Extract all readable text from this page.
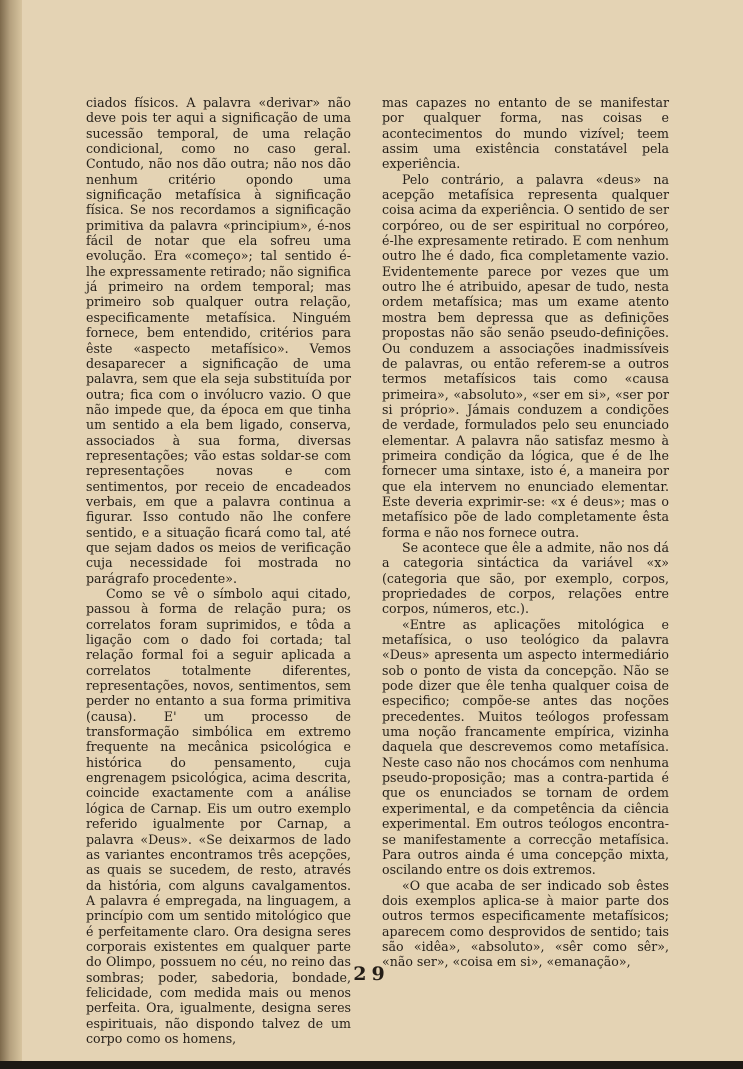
ciados físicos. A palavra «derivar» não deve pois ter aqui a significação de uma sucessão temporal, de uma relação condicional, como no caso geral. Contudo, não nos dão outra; não nos dão nenhum critério opondo uma significação metafísica à significação física. Se nos recordamos a significação primitiva da palavra «principium», é-nos fácil de notar que ela sofreu uma evolução. Era «começo»; tal sentido é-lhe expressamente retirado; não significa já primeiro na ordem temporal; mas primeiro sob qualquer outra relação, especificamente metafísica. Ninguém fornece, bem entendido, critérios para êste «aspecto metafísico». Vemos desaparecer a significação de uma palavra, sem que ela seja substituída por outra; fica com o invólucro vazio. O que não impede que, da época em que tinha um sentido a ela bem ligado, conserva, associados à sua forma, diversas representações; vão estas soldar-se com representações novas e com sentimentos, por receio de encadeados verbais, em que a palavra continua a figurar. Isso contudo não lhe confere sentido, e a situação ficará como tal, até que sejam dados os meios de verificação cuja necessidade foi mostrada no parágrafo procedente».

Como se vê o símbolo aqui citado, passou à forma de relação pura; os correlatos foram suprimidos, e tôda a ligação com o dado foi cortada; tal relação formal foi a seguir aplicada a correlatos totalmente diferentes, representações, novos, sentimentos, sem perder no entanto a sua forma primitiva (causa). E' um processo de transformação simbólica em extremo frequente na mecânica psicológica e histórica do pensamento, cuja engrenagem psicológica, acima descrita, coincide exactamente com a análise lógica de Carnap. Eis um outro exemplo referido igualmente por Carnap, a palavra «Deus». «Se deixarmos de lado as variantes encontramos três acepções, as quais se sucedem, de resto, através da história, com alguns cavalgamentos. A palavra é empregada, na linguagem, a princípio com um sentido mitológico que é perfeitamente claro. Ora designa seres corporais existentes em qualquer parte do Olimpo, possuem no céu, no reino das sombras; poder, sabedoria, bondade, felicidade, com medida mais ou menos perfeita. Ora, igualmente, designa seres espirituais, não dispondo talvez de um corpo como os homens,

mas capazes no entanto de se manifestar por qualquer forma, nas coisas e acontecimentos do mundo vizível; teem assim uma existência constatável pela experiência.

Pelo contrário, a palavra «deus» na acepção metafísica representa qualquer coisa acima da experiência. O sentido de ser corpóreo, ou de ser espiritual no corpóreo, é-lhe expresamente retirado. E com nenhum outro lhe é dado, fica completamente vazio. Evidentemente parece por vezes que um outro lhe é atribuido, apesar de tudo, nesta ordem metafísica; mas um exame atento mostra bem depressa que as definições propostas não são senão pseudo-definições. Ou conduzem a associações inadmissíveis de palavras, ou então referem-se a outros termos metafísicos tais como «causa primeira», «absoluto», «ser em si», «ser por si próprio». Jámais conduzem a condições de verdade, formulados pelo seu enunciado elementar. A palavra não satisfaz mesmo à primeira condição da lógica, que é de lhe fornecer uma sintaxe, isto é, a maneira por que ela intervem no enunciado elementar. Este deveria exprimir-se: «x é deus»; mas o metafísico põe de lado completamente êsta forma e não nos fornece outra.

Se acontece que êle a admite, não nos dá a categoria sintáctica da variável «x» (categoria que são, por exemplo, corpos, propriedades de corpos, relações entre corpos, números, etc.).

«Entre as aplicações mitológica e metafísica, o uso teológico da palavra «Deus» apresenta um aspecto intermediário sob o ponto de vista da concepção. Não se pode dizer que êle tenha qualquer coisa de especifico; compõe-se antes das noções precedentes. Muitos teólogos professam uma noção francamente empírica, vizinha daquela que descrevemos como metafísica. Neste caso não nos chocámos com nenhuma pseudo-proposição; mas a contra-partida é que os enunciados se tornam de ordem experimental, e da competência da ciência experimental. Em outros teólogos encontra-se manifestamente a correcção metafísica. Para outros ainda é uma concepção mixta, oscilando entre os dois extremos.

«O que acaba de ser indicado sob êstes dois exemplos aplica-se à maior parte dos outros termos especificamente metafísicos; aparecem como desprovidos de sentido; tais são «idêa», «absoluto», «sêr como sêr», «não ser», «coisa em si», «emanação»,

29
